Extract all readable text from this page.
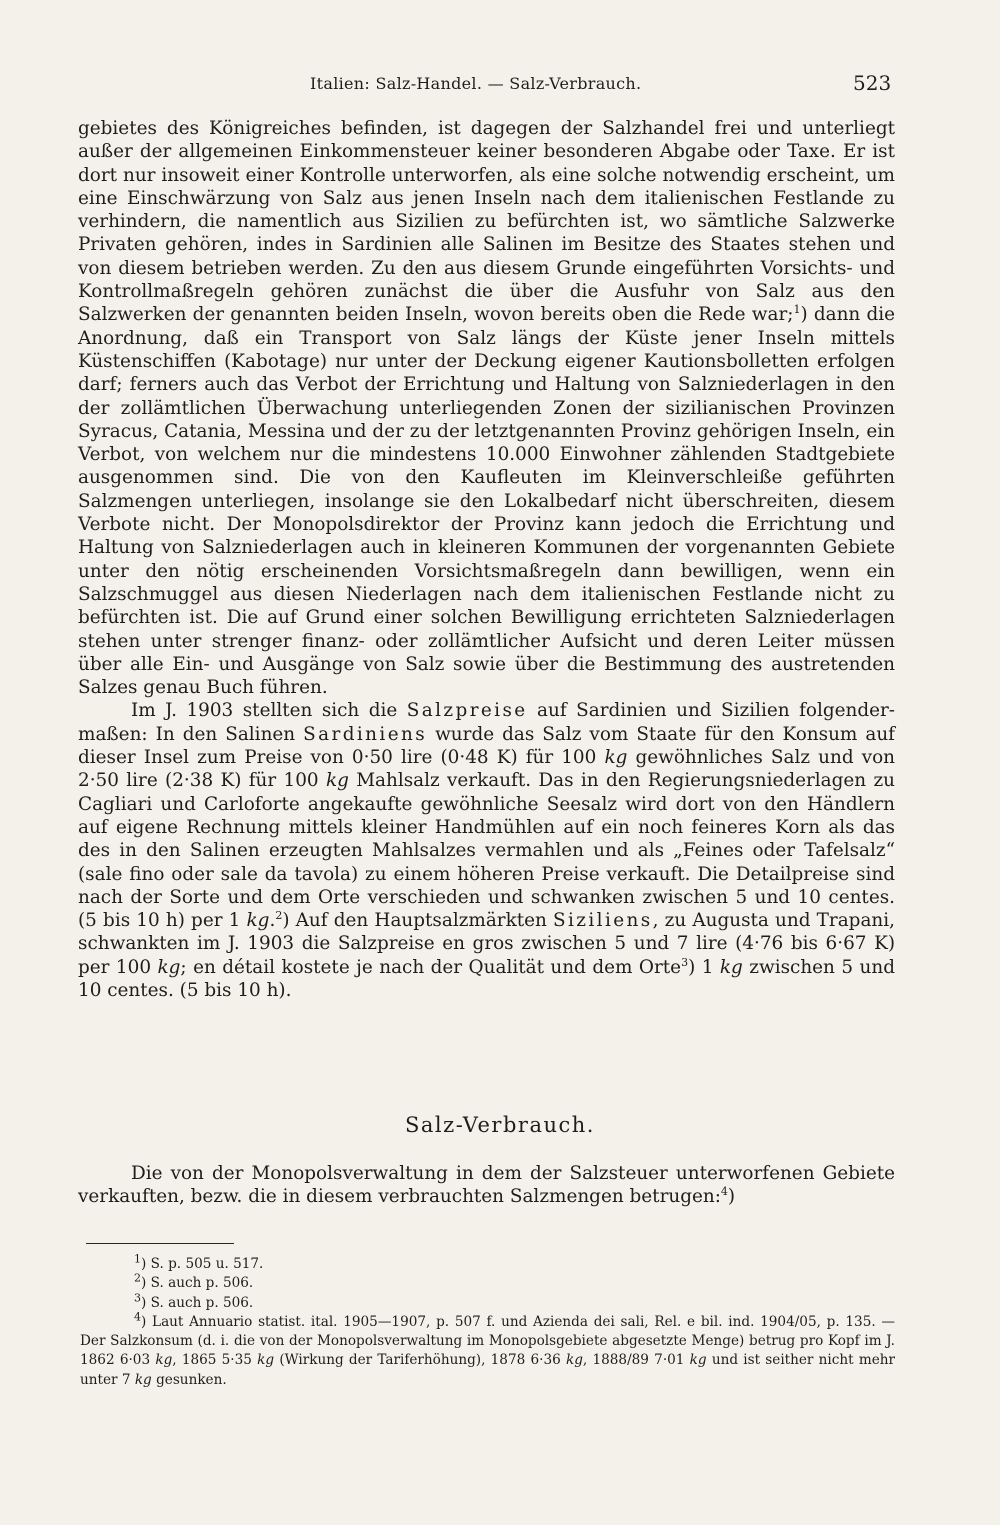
Italien: Salz-Handel. — Salz-Verbrauch.	523

gebietes des Königreiches befinden, ist dagegen der Salzhandel frei und unterliegt außer der allgemeinen Einkommensteuer keiner besonderen Abgabe oder Taxe. Er ist dort nur insoweit einer Kontrolle unterworfen, als eine solche notwendig erscheint, um eine Einschwärzung von Salz aus jenen Inseln nach dem italienischen Festlande zu verhindern, die namentlich aus Sizilien zu befürchten ist, wo sämtliche Salzwerke Privaten gehören, indes in Sardinien alle Salinen im Besitze des Staates stehen und von diesem betrieben werden. Zu den aus diesem Grunde eingeführten Vorsichts- und Kontrollmaßregeln gehören zunächst die über die Ausfuhr von Salz aus den Salzwerken der genannten beiden Inseln, wovon bereits oben die Rede war;$^1$) dann die Anordnung, daß ein Transport von Salz längs der Küste jener Inseln mittels Küstenschiffen (Kabotage) nur unter der Deckung eigener Kautionsbolletten erfolgen darf; ferners auch das Verbot der Errichtung und Haltung von Salzniederlagen in den der zollämtlichen Überwachung unterliegenden Zonen der sizilianischen Provinzen Syracus, Catania, Messina und der zu der letztgenannten Provinz gehörigen Inseln, ein Verbot, von welchem nur die mindestens 10.000 Einwohner zählenden Stadtgebiete ausgenommen sind. Die von den Kaufleuten im Kleinverschleiße geführten Salzmengen unterliegen, insolange sie den Lokalbedarf nicht überschreiten, diesem Verbote nicht. Der Monopolsdirektor der Provinz kann jedoch die Errichtung und Haltung von Salzniederlagen auch in kleineren Kommunen der vorgenannten Gebiete unter den nötig erscheinenden Vorsichtsmaßregeln dann bewilligen, wenn ein Salzschmuggel aus diesen Niederlagen nach dem italienischen Festlande nicht zu befürchten ist. Die auf Grund einer solchen Bewilligung errichteten Salzniederlagen stehen unter strenger finanz- oder zollämtlicher Aufsicht und deren Leiter müssen über alle Ein- und Ausgänge von Salz sowie über die Bestimmung des austretenden Salzes genau Buch führen.

Im J. 1903 stellten sich die Salzpreise auf Sardinien und Sizilien folgendermaßen: In den Salinen Sardiniens wurde das Salz vom Staate für den Konsum auf dieser Insel zum Preise von 0·50 lire (0·48 K) für 100 kg gewöhnliches Salz und von 2·50 lire (2·38 K) für 100 kg Mahlsalz verkauft. Das in den Regierungsniederlagen zu Cagliari und Carloforte angekaufte gewöhnliche Seesalz wird dort von den Händlern auf eigene Rechnung mittels kleiner Handmühlen auf ein noch feineres Korn als das des in den Salinen erzeugten Mahlsalzes vermahlen und als „Feines oder Tafelsalz“ (sale fino oder sale da tavola) zu einem höheren Preise verkauft. Die Detailpreise sind nach der Sorte und dem Orte verschieden und schwanken zwischen 5 und 10 centes. (5 bis 10 h) per 1 kg.$^2$) Auf den Hauptsalzmärkten Siziliens, zu Augusta und Trapani, schwankten im J. 1903 die Salzpreise en gros zwischen 5 und 7 lire (4·76 bis 6·67 K) per 100 kg; en détail kostete je nach der Qualität und dem Orte$^3$) 1 kg zwischen 5 und 10 centes. (5 bis 10 h).

Salz-Verbrauch.

Die von der Monopolsverwaltung in dem der Salzsteuer unterworfenen Gebiete verkauften, bezw. die in diesem verbrauchten Salzmengen betrugen:$^4$)

$^1$) S. p. 505 u. 517.

$^2$) S. auch p. 506.

$^3$) S. auch p. 506.

$^4$) Laut Annuario statist. ital. 1905—1907, p. 507 f. und Azienda dei sali, Rel. e bil. ind. 1904/05, p. 135. — Der Salzkonsum (d. i. die von der Monopolsverwaltung im Monopolsgebiete abgesetzte Menge) betrug pro Kopf im J. 1862 6·03 kg, 1865 5·35 kg (Wirkung der Tariferhöhung), 1878 6·36 kg, 1888/89 7·01 kg und ist seither nicht mehr unter 7 kg gesunken.
